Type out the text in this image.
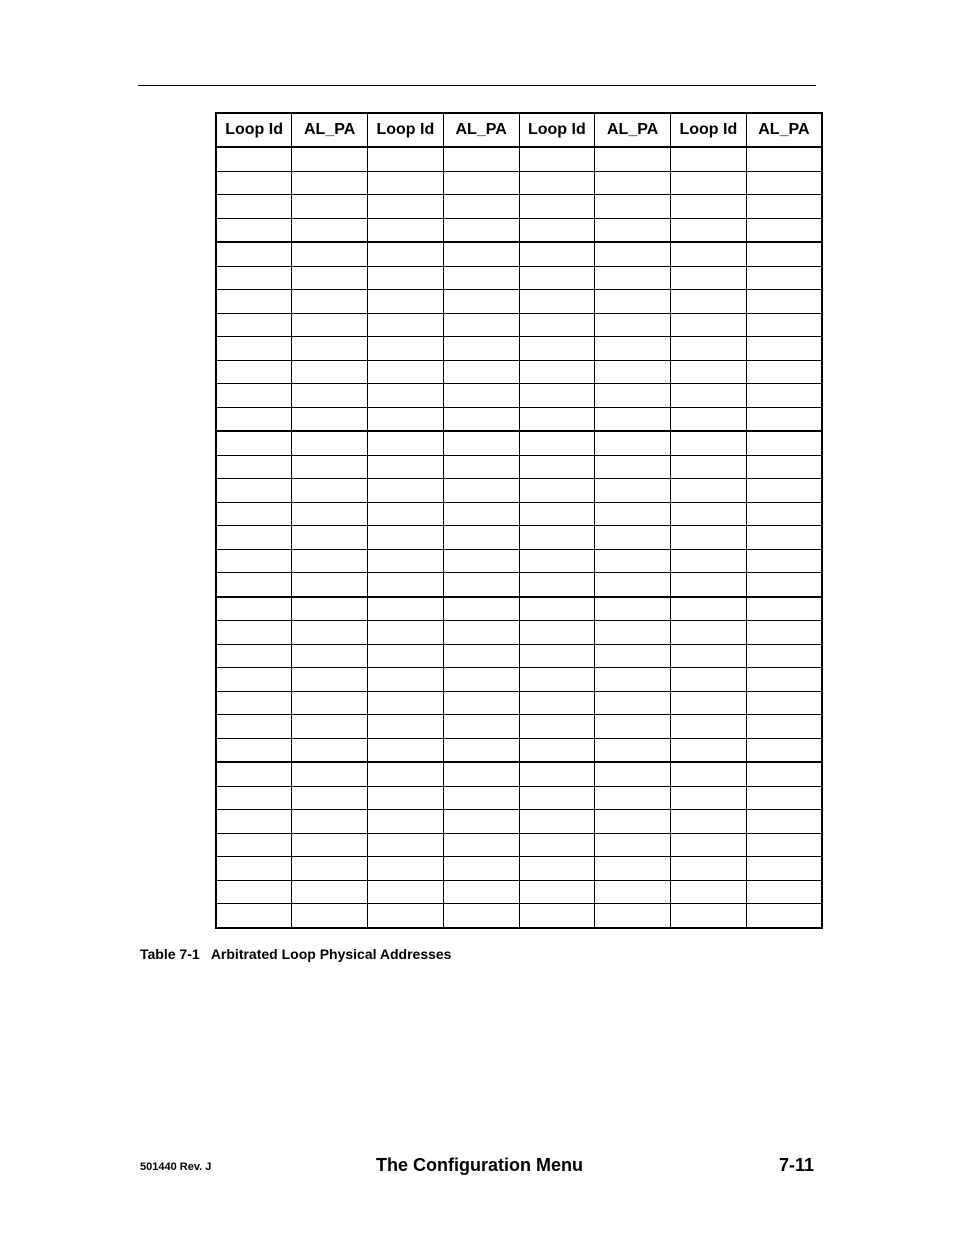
Loop Id	AL_PA	Loop Id	AL_PA	Loop Id	AL_PA	Loop Id	AL_PA

Table 7-1 Arbitrated Loop Physical Addresses
501440 Rev. J	The Configuration Menu	7-11
